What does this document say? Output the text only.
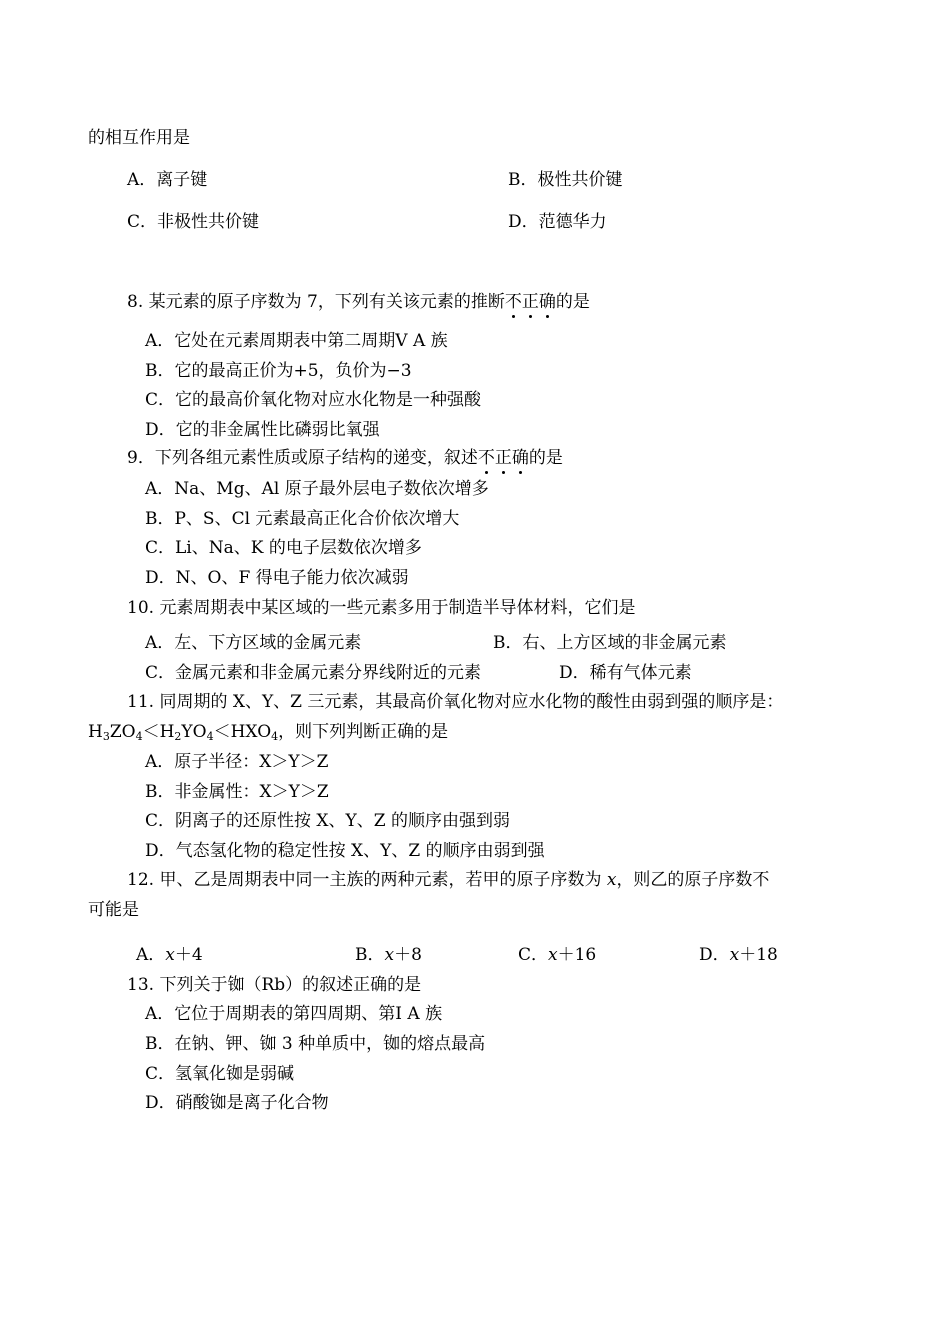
的相互作用是
A．离子键	B．极性共价键
C．非极性共价键	D．范德华力
8. 某元素的原子序数为 7，下列有关该元素的推断不正确的是
A．它处在元素周期表中第二周期Ⅴ A 族
B．它的最高正价为+5，负价为−3
C．它的最高价氧化物对应水化物是一种强酸
D．它的非金属性比磷弱比氧强
9．下列各组元素性质或原子结构的递变，叙述不正确的是
A．Na、Mg、Al 原子最外层电子数依次增多
B．P、S、Cl 元素最高正化合价依次增大
C．Li、Na、K 的电子层数依次增多
D．N、O、F 得电子能力依次减弱
10. 元素周期表中某区域的一些元素多用于制造半导体材料，它们是
A．左、下方区域的金属元素	B．右、上方区域的非金属元素
C．金属元素和非金属元素分界线附近的元素	D．稀有气体元素
11. 同周期的 X、Y、Z 三元素，其最高价氧化物对应水化物的酸性由弱到强的顺序是：
$H_3ZO_4<H_2YO_4<HXO_4$，则下列判断正确的是
A．原子半径：X＞Y＞Z
B．非金属性：X＞Y＞Z
C．阴离子的还原性按 X、Y、Z 的顺序由强到弱
D．气态氢化物的稳定性按 X、Y、Z 的顺序由弱到强
12. 甲、乙是周期表中同一主族的两种元素，若甲的原子序数为 x，则乙的原子序数不
可能是
A．x＋4	B．x＋8	C．x＋16	D．x＋18
13. 下列关于铷（Rb）的叙述正确的是
A．它位于周期表的第四周期、第Ⅰ A 族
B．在钠、钾、铷 3 种单质中，铷的熔点最高
C．氢氧化铷是弱碱
D．硝酸铷是离子化合物
